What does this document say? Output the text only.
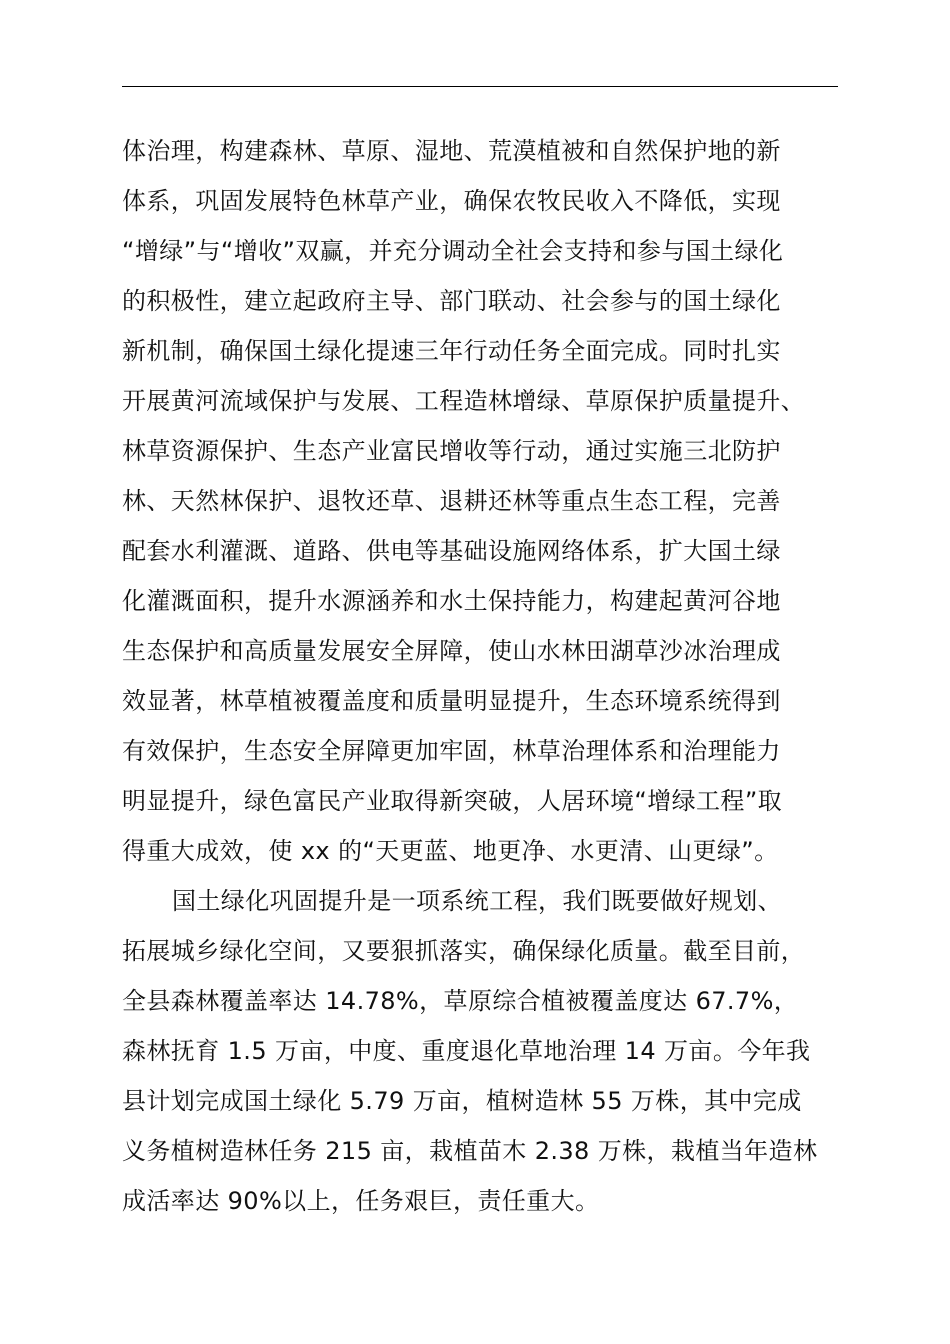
体治理，构建森林、草原、湿地、荒漠植被和自然保护地的新
体系，巩固发展特色林草产业，确保农牧民收入不降低，实现
“增绿”与“增收”双赢，并充分调动全社会支持和参与国土绿化
的积极性，建立起政府主导、部门联动、社会参与的国土绿化
新机制，确保国土绿化提速三年行动任务全面完成。同时扎实
开展黄河流域保护与发展、工程造林增绿、草原保护质量提升、
林草资源保护、生态产业富民增收等行动，通过实施三北防护
林、天然林保护、退牧还草、退耕还林等重点生态工程，完善
配套水利灌溉、道路、供电等基础设施网络体系，扩大国土绿
化灌溉面积，提升水源涵养和水土保持能力，构建起黄河谷地
生态保护和高质量发展安全屏障，使山水林田湖草沙冰治理成
效显著，林草植被覆盖度和质量明显提升，生态环境系统得到
有效保护，生态安全屏障更加牢固，林草治理体系和治理能力
明显提升，绿色富民产业取得新突破，人居环境“增绿工程”取
得重大成效，使 xx 的“天更蓝、地更净、水更清、山更绿”。
国土绿化巩固提升是一项系统工程，我们既要做好规划、
拓展城乡绿化空间，又要狠抓落实，确保绿化质量。截至目前，
全县森林覆盖率达 14.78%，草原综合植被覆盖度达 67.7%，
森林抚育 1.5 万亩，中度、重度退化草地治理 14 万亩。今年我
县计划完成国土绿化 5.79 万亩，植树造林 55 万株，其中完成
义务植树造林任务 215 亩，栽植苗木 2.38 万株，栽植当年造林
成活率达 90%以上，任务艰巨，责任重大。
